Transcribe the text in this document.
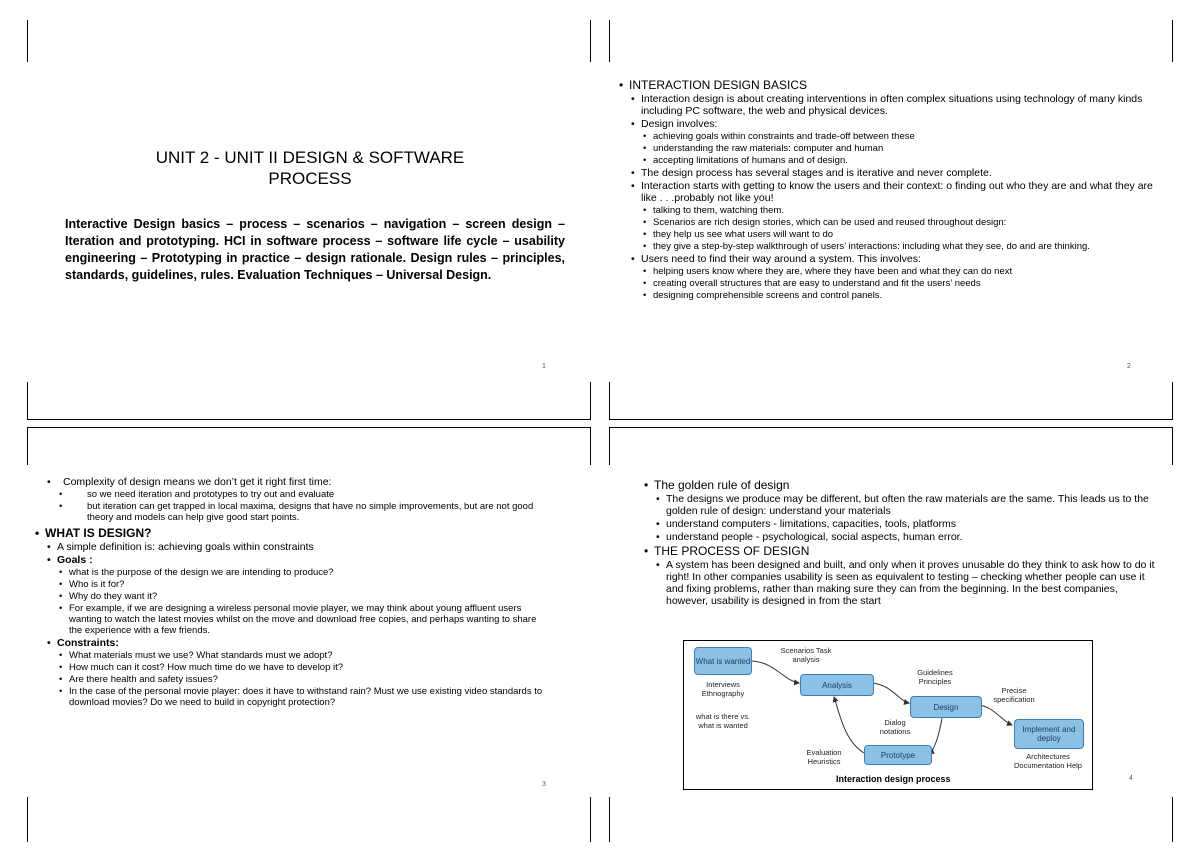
UNIT 2 - UNIT II DESIGN & SOFTWARE PROCESS
Interactive Design basics – process – scenarios – navigation – screen design – Iteration and prototyping. HCI in software process – software life cycle – usability engineering – Prototyping in practice – design rationale. Design rules – principles, standards, guidelines, rules. Evaluation Techniques – Universal Design.
1
• INTERACTION DESIGN BASICS
• Interaction design is about creating interventions in often complex situations using technology of many kinds including PC software, the web and physical devices.
• Design involves:
• achieving goals within constraints and trade-off between these
• understanding the raw materials: computer and human
• accepting limitations of humans and of design.
• The design process has several stages and is iterative and never complete.
• Interaction starts with getting to know the users and their context: o finding out who they are and what they are like . . .probably not like you!
• talking to them, watching them.
• Scenarios are rich design stories, which can be used and reused throughout design:
• they help us see what users will want to do
• they give a step-by-step walkthrough of users’ interactions: including what they see, do and are thinking.
• Users need to find their way around a system. This involves:
• helping users know where they are, where they have been and what they can do next
• creating overall structures that are easy to understand and fit the users’ needs
• designing comprehensible screens and control panels.
2
• Complexity of design means we don’t get it right first time:
• so we need iteration and prototypes to try out and evaluate
• but iteration can get trapped in local maxima, designs that have no simple improvements, but are not good theory and models can help give good start points.
• WHAT IS DESIGN?
• A simple definition is: achieving goals within constraints
• Goals :
• what is the purpose of the design we are intending to produce?
• Who is it for?
• Why do they want it?
• For example, if we are designing a wireless personal movie player, we may think about young affluent users wanting to watch the latest movies whilst on the move and download free copies, and perhaps wanting to share the experience with a few friends.
• Constraints:
• What materials must we use? What standards must we adopt?
• How much can it cost? How much time do we have to develop it?
• Are there health and safety issues?
• In the case of the personal movie player: does it have to withstand rain? Must we use existing video standards to download movies? Do we need to build in copyright protection?
3
• The golden rule of design
• The designs we produce may be different, but often the raw materials are the same. This leads us to the golden rule of design: understand your materials
• understand computers - limitations, capacities, tools, platforms
• understand people - psychological, social aspects, human error.
• THE PROCESS OF DESIGN
• A system has been designed and built, and only when it proves unusable do they think to ask how to do it right! In other companies usability is seen as equivalent to testing – checking whether people can use it and fixing problems, rather than making sure they can from the beginning. In the best companies, however, usability is designed in from the start
What is wanted
Analysis
Design
Implement and deploy
Prototype
Scenarios Task analysis
Interviews Ethnography
what is there vs. what is wanted
Guidelines Principles
Precise specification
Dialog notations
Evaluation Heuristics	Architectures Documentation Help
Interaction design process	4
